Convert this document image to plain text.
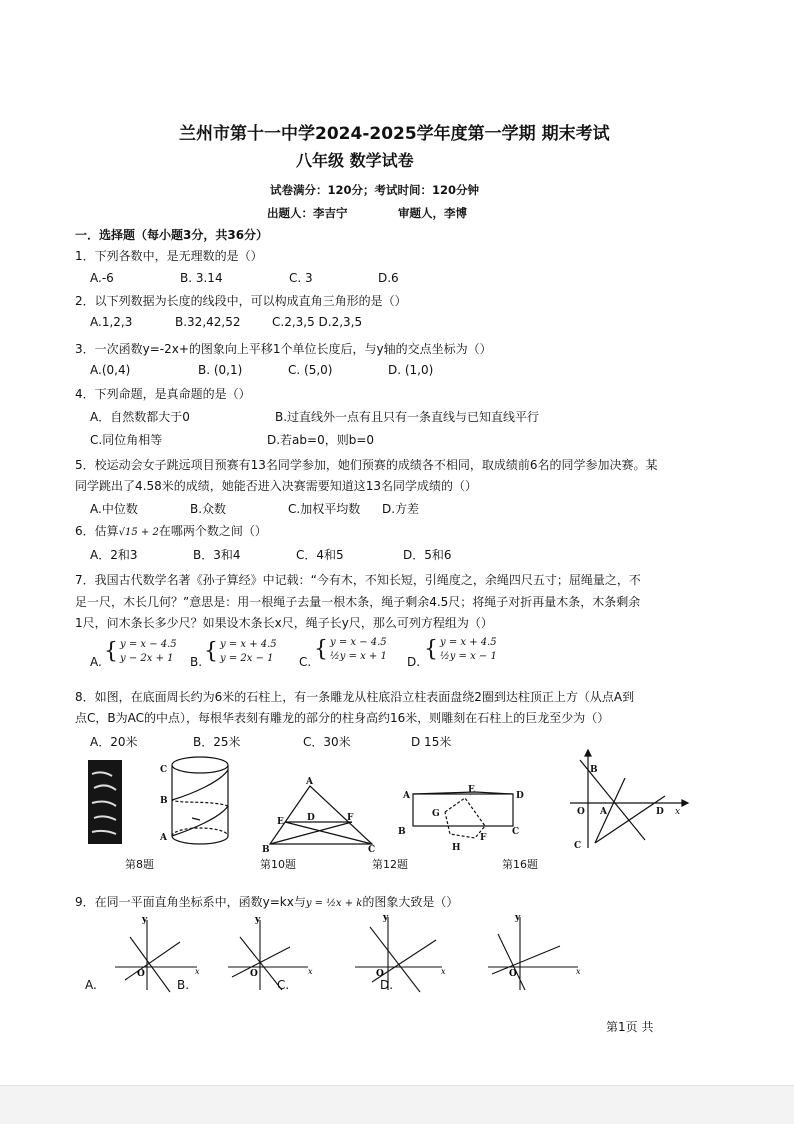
兰州市第十一中学2024-2025学年度第一学期 期末考试
八年级 数学试卷
试卷满分：120分；考试时间：120分钟
出题人：李吉宁	审题人，李博
一．选择题（每小题3分，共36分）
1．下列各数中，是无理数的是（）
A.-6	B. 3.14	C. 3	D.6
2．以下列数据为长度的线段中，可以构成直角三角形的是（）
A.1,2,3	B.32,42,52	C.2,3,5 D.2,3,5
3．一次函数y=-2x+的图象向上平移1个单位长度后，与y轴的交点坐标为（）
A.(0,4)	B. (0,1)	C. (5,0)	D. (1,0)
4．下列命题，是真命题的是（）
A．自然数都大于0	B.过直线外一点有且只有一条直线与已知直线平行
C.同位角相等	D.若ab=0，则b=0
5．校运动会女子跳远项目预赛有13名同学参加，她们预赛的成绩各不相同，取成绩前6名的同学参加决赛。某
同学跳出了4.58米的成绩，她能否进入决赛需要知道这13名同学成绩的（）
A.中位数	B.众数	C.加权平均数 D.方差
6．估算√15 + 2在哪两个数之间（）
A．2和3	B．3和4	C．4和5	D．5和6
7．我国古代数学名著《孙子算经》中记载：“今有木，不知长短，引绳度之，余绳四尺五寸；屈绳量之，不
足一尺，木长几何？”意思是：用一根绳子去量一根木条，绳子剩余4.5尺；将绳子对折再量木条，木条剩余
1尺，问木条长多少尺？如果设木条长x尺，绳子长y尺，那么可列方程组为（）
A. { y = x − 4.5
y − 2x + 1 B. { y = x + 4.5
y = 2x − 1 C. { y = x − 4.5
½y = x + 1 D. { y = x + 4.5
½y = x − 1
8．如图，在底面周长约为6米的石柱上，有一条雕龙从柱底沿立柱表面盘绕2圈到达柱顶正上方（从点A到
点C，B为AC的中点），每根华表刻有雕龙的部分的柱身高约16米，则雕刻在石柱上的巨龙至少为（）
A．20米	B．25米	C．30米	D 15米
C
B
A
A
E	D	F
B	C
A
E
D
G
B
H
F
C
B
O A	D
C
x
第8题	第10题	第12题	第16题
9．在同一平面直角坐标系中，函数y=kx与y = ½x + k的图象大致是（）
y
O	x
y
O	x
y
O	x
y
O	x
A.	B.	C.	D.
第1页 共
